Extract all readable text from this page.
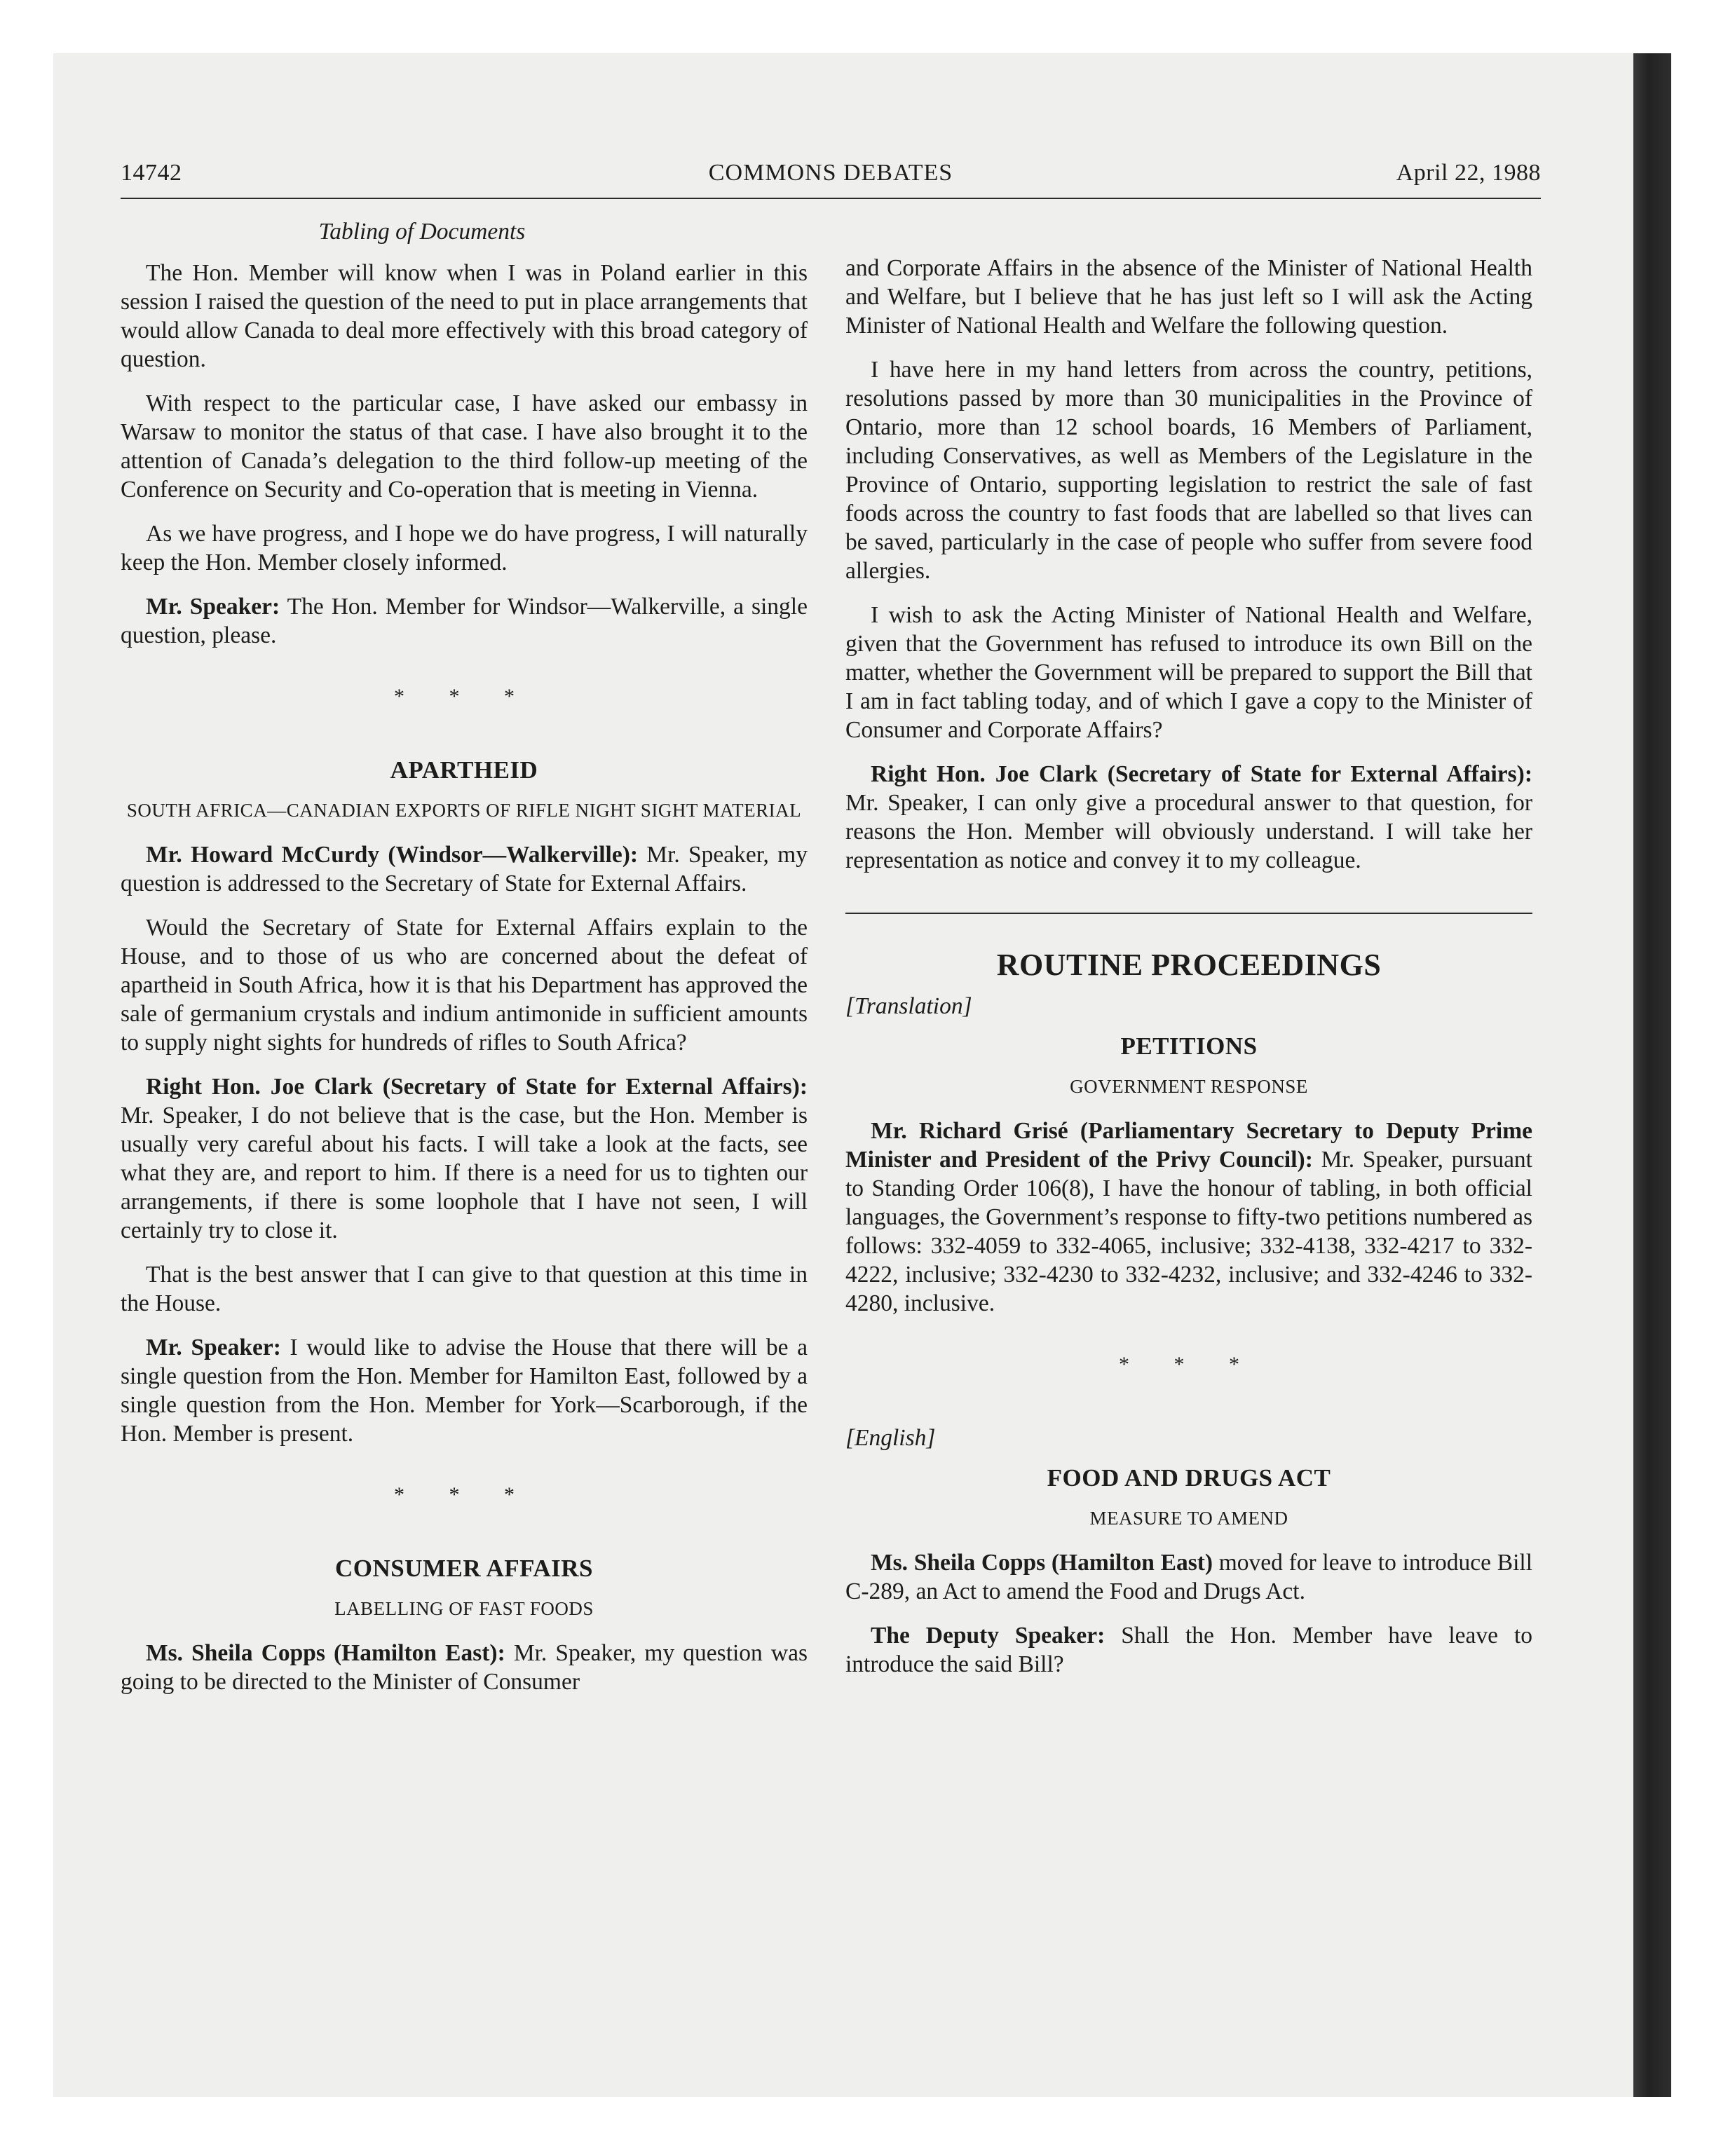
14742	COMMONS DEBATES	April 22, 1988
Tabling of Documents

The Hon. Member will know when I was in Poland earlier in this session I raised the question of the need to put in place arrangements that would allow Canada to deal more effectively with this broad category of question.

With respect to the particular case, I have asked our embassy in Warsaw to monitor the status of that case. I have also brought it to the attention of Canada’s delegation to the third follow-up meeting of the Conference on Security and Co-operation that is meeting in Vienna.

As we have progress, and I hope we do have progress, I will naturally keep the Hon. Member closely informed.

Mr. Speaker: The Hon. Member for Windsor—Walkerville, a single question, please.

* * *
APARTHEID
SOUTH AFRICA—CANADIAN EXPORTS OF RIFLE NIGHT SIGHT MATERIAL

Mr. Howard McCurdy (Windsor—Walkerville): Mr. Speaker, my question is addressed to the Secretary of State for External Affairs.

Would the Secretary of State for External Affairs explain to the House, and to those of us who are concerned about the defeat of apartheid in South Africa, how it is that his Department has approved the sale of germanium crystals and indium antimonide in sufficient amounts to supply night sights for hundreds of rifles to South Africa?

Right Hon. Joe Clark (Secretary of State for External Affairs): Mr. Speaker, I do not believe that is the case, but the Hon. Member is usually very careful about his facts. I will take a look at the facts, see what they are, and report to him. If there is a need for us to tighten our arrangements, if there is some loophole that I have not seen, I will certainly try to close it.

That is the best answer that I can give to that question at this time in the House.

Mr. Speaker: I would like to advise the House that there will be a single question from the Hon. Member for Hamilton East, followed by a single question from the Hon. Member for York—Scarborough, if the Hon. Member is present.

* * *
CONSUMER AFFAIRS
LABELLING OF FAST FOODS

Ms. Sheila Copps (Hamilton East): Mr. Speaker, my question was going to be directed to the Minister of Consumer

and Corporate Affairs in the absence of the Minister of National Health and Welfare, but I believe that he has just left so I will ask the Acting Minister of National Health and Welfare the following question.

I have here in my hand letters from across the country, petitions, resolutions passed by more than 30 municipalities in the Province of Ontario, more than 12 school boards, 16 Members of Parliament, including Conservatives, as well as Members of the Legislature in the Province of Ontario, supporting legislation to restrict the sale of fast foods across the country to fast foods that are labelled so that lives can be saved, particularly in the case of people who suffer from severe food allergies.

I wish to ask the Acting Minister of National Health and Welfare, given that the Government has refused to introduce its own Bill on the matter, whether the Government will be prepared to support the Bill that I am in fact tabling today, and of which I gave a copy to the Minister of Consumer and Corporate Affairs?

Right Hon. Joe Clark (Secretary of State for External Affairs): Mr. Speaker, I can only give a procedural answer to that question, for reasons the Hon. Member will obviously understand. I will take her representation as notice and convey it to my colleague.

ROUTINE PROCEEDINGS
[Translation]
PETITIONS
GOVERNMENT RESPONSE

Mr. Richard Grisé (Parliamentary Secretary to Deputy Prime Minister and President of the Privy Council): Mr. Speaker, pursuant to Standing Order 106(8), I have the honour of tabling, in both official languages, the Government’s response to fifty-two petitions numbered as follows: 332-4059 to 332-4065, inclusive; 332-4138, 332-4217 to 332-4222, inclusive; 332-4230 to 332-4232, inclusive; and 332-4246 to 332-4280, inclusive.

* * *
[English]
FOOD AND DRUGS ACT
MEASURE TO AMEND

Ms. Sheila Copps (Hamilton East) moved for leave to introduce Bill C-289, an Act to amend the Food and Drugs Act.

The Deputy Speaker: Shall the Hon. Member have leave to introduce the said Bill?
